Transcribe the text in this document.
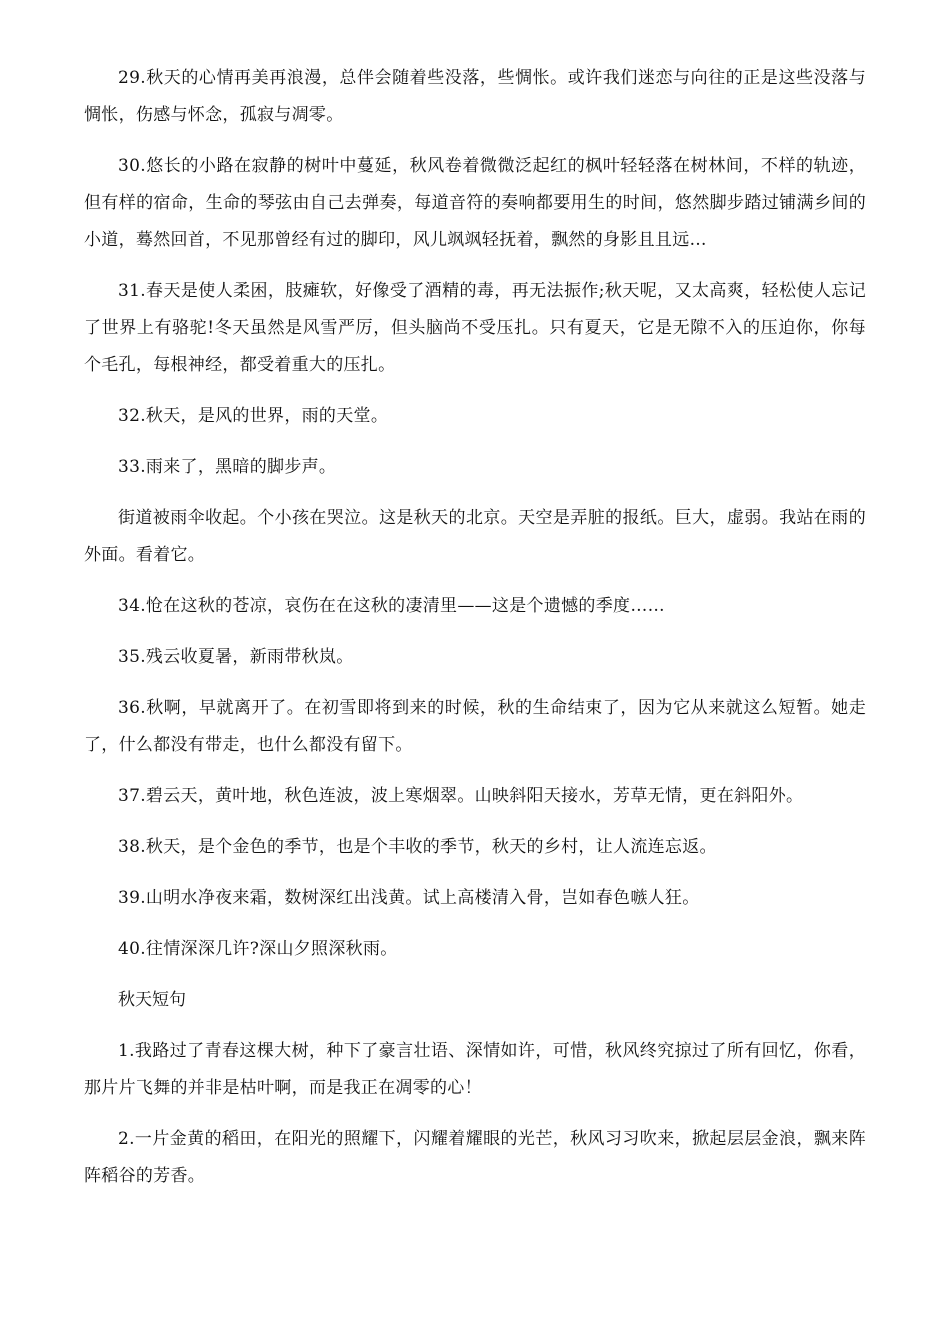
29.秋天的心情再美再浪漫，总伴会随着些没落，些惆怅。或许我们迷恋与向往的正是这些没落与惆怅，伤感与怀念，孤寂与凋零。

30.悠长的小路在寂静的树叶中蔓延，秋风卷着微微泛起红的枫叶轻轻落在树林间，不样的轨迹，但有样的宿命，生命的琴弦由自己去弹奏，每道音符的奏响都要用生的时间，悠然脚步踏过铺满乡间的小道，蓦然回首，不见那曾经有过的脚印，风儿飒飒轻抚着，飘然的身影且且远…

31.春天是使人柔困，肢瘫软，好像受了酒精的毒，再无法振作;秋天呢，又太高爽，轻松使人忘记了世界上有骆驼!冬天虽然是风雪严厉，但头脑尚不受压扎。只有夏天，它是无隙不入的压迫你，你每个毛孔，每根神经，都受着重大的压扎。

32.秋天，是风的世界，雨的天堂。

33.雨来了，黑暗的脚步声。

街道被雨伞收起。个小孩在哭泣。这是秋天的北京。天空是弄脏的报纸。巨大，虚弱。我站在雨的外面。看着它。

34.怆在这秋的苍凉，哀伤在在这秋的凄清里——这是个遗憾的季度……

35.残云收夏暑，新雨带秋岚。

36.秋啊，早就离开了。在初雪即将到来的时候，秋的生命结束了，因为它从来就这么短暂。她走了，什么都没有带走，也什么都没有留下。

37.碧云天，黄叶地，秋色连波，波上寒烟翠。山映斜阳天接水，芳草无情，更在斜阳外。

38.秋天，是个金色的季节，也是个丰收的季节，秋天的乡村，让人流连忘返。

39.山明水净夜来霜，数树深红出浅黄。试上高楼清入骨，岂如春色嗾人狂。

40.往情深深几许?深山夕照深秋雨。

秋天短句

1.我路过了青春这棵大树，种下了豪言壮语、深情如许，可惜，秋风终究掠过了所有回忆，你看，那片片飞舞的并非是枯叶啊，而是我正在凋零的心！

2.一片金黄的稻田，在阳光的照耀下，闪耀着耀眼的光芒，秋风习习吹来，掀起层层金浪，飘来阵阵稻谷的芳香。
